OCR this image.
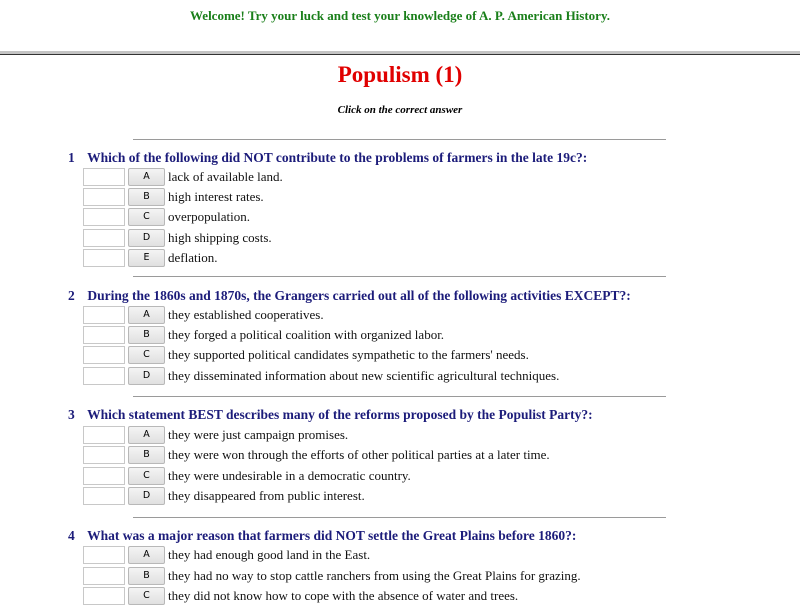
Welcome! Try your luck and test your knowledge of A. P. American History.
Populism (1)
Click on the correct answer
1 Which of the following did NOT contribute to the problems of farmers in the late 19c?:
A	lack of available land.
B	high interest rates.
C	overpopulation.
D	high shipping costs.
E	deflation.
2 During the 1860s and 1870s, the Grangers carried out all of the following activities EXCEPT?:
A	they established cooperatives.
B	they forged a political coalition with organized labor.
C	they supported political candidates sympathetic to the farmers' needs.
D	they disseminated information about new scientific agricultural techniques.
3 Which statement BEST describes many of the reforms proposed by the Populist Party?:
A	they were just campaign promises.
B	they were won through the efforts of other political parties at a later time.
C	they were undesirable in a democratic country.
D	they disappeared from public interest.
4 What was a major reason that farmers did NOT settle the Great Plains before 1860?:
A	they had enough good land in the East.
B	they had no way to stop cattle ranchers from using the Great Plains for grazing.
C	they did not know how to cope with the absence of water and trees.
